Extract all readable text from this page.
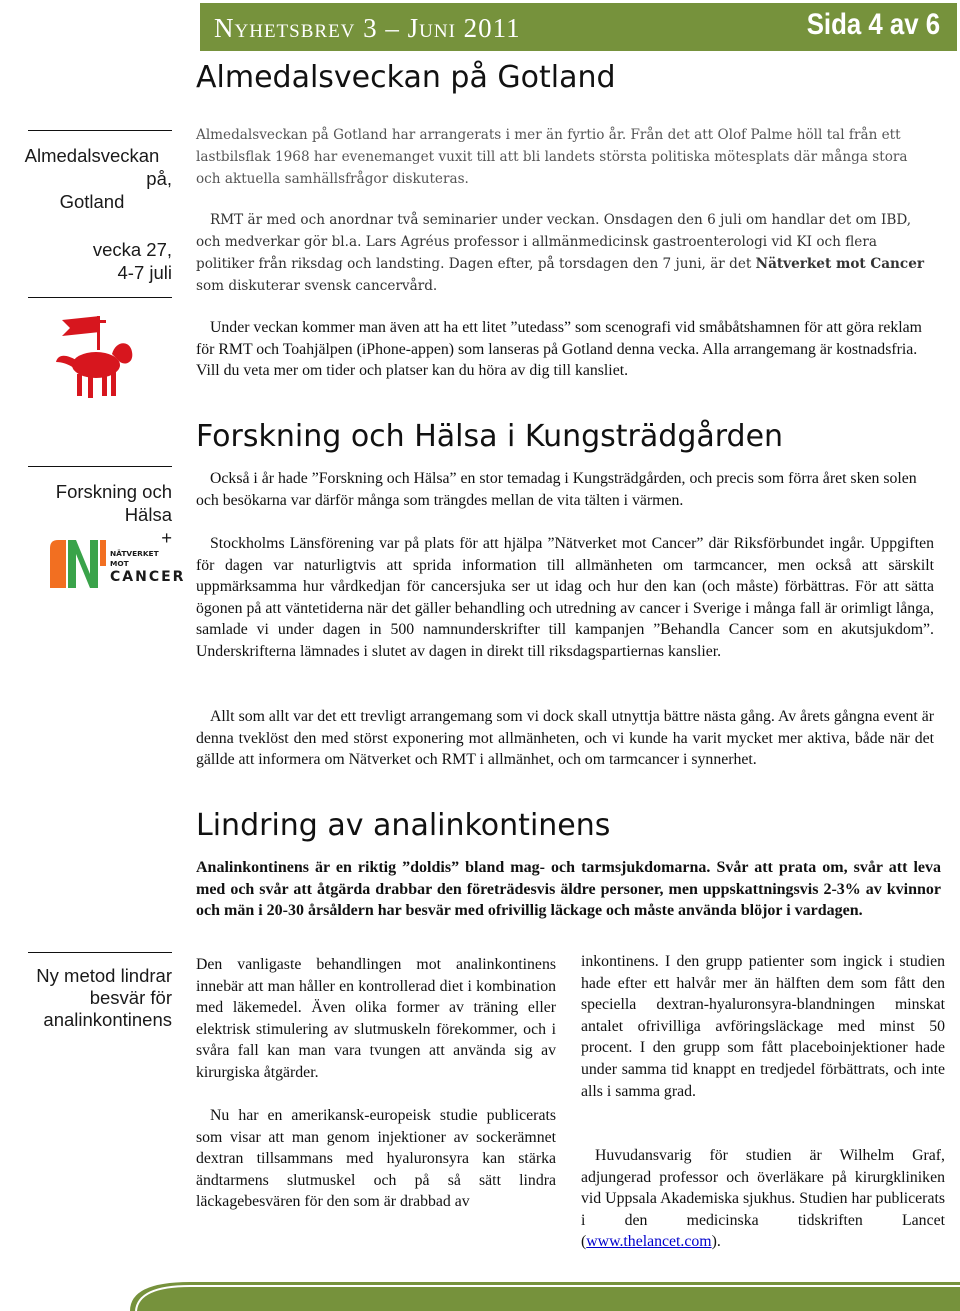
Nyhetsbrev 3 – Juni 2011	Sida 4 av 6
Almedalsveckan
på,
Gotland
vecka 27,
4-7 juli
Forskning och
Hälsa
+
NÄTVERKET MOT
CANCER
Ny metod lindrar
besvär för
analinkontinens
Almedalsveckan på Gotland

Almedalsveckan på Gotland har arrangerats i mer än fyrtio år. Från det att Olof Palme höll tal från ett lastbilsflak 1968 har evenemanget vuxit till att bli landets största politiska mötesplats där många stora och aktuella samhällsfrågor diskuteras.

RMT är med och anordnar två seminarier under veckan. Onsdagen den 6 juli om handlar det om IBD, och medverkar gör bl.a. Lars Agréus professor i allmänmedicinsk gastroenterologi vid KI och flera politiker från riksdag och landsting. Dagen efter, på torsdagen den 7 juni, är det Nätverket mot Cancer som diskuterar svensk cancervård.

Under veckan kommer man även att ha ett litet ”utedass” som scenografi vid småbåtshamnen för att göra reklam för RMT och Toahjälpen (iPhone-appen) som lanseras på Gotland denna vecka. Alla arrangemang är kostnadsfria. Vill du veta mer om tider och platser kan du höra av dig till kansliet.

Forskning och Hälsa i Kungsträdgården

Också i år hade ”Forskning och Hälsa” en stor temadag i Kungsträdgården, och precis som förra året sken solen och besökarna var därför många som trängdes mellan de vita tälten i värmen.

Stockholms Länsförening var på plats för att hjälpa ”Nätverket mot Cancer” där Riksförbundet ingår. Uppgiften för dagen var naturligtvis att sprida information till allmänheten om tarmcancer, men också att särskilt uppmärksamma hur vårdkedjan för cancersjuka ser ut idag och hur den kan (och måste) förbättras. För att sätta ögonen på att väntetiderna när det gäller behandling och utredning av cancer i Sverige i många fall är orimligt långa, samlade vi under dagen in 500 namnunderskrifter till kampanjen ”Behandla Cancer som en akutsjukdom”. Underskrifterna lämnades i slutet av dagen in direkt till riksdagspartiernas kanslier.

Allt som allt var det ett trevligt arrangemang som vi dock skall utnyttja bättre nästa gång. Av årets gångna event är denna tveklöst den med störst exponering mot allmänheten, och vi kunde ha varit mycket mer aktiva, både när det gällde att informera om Nätverket och RMT i allmänhet, och om tarmcancer i synnerhet.

Lindring av analinkontinens

Analinkontinens är en riktig ”doldis” bland mag- och tarmsjukdomarna. Svår att prata om, svår att leva med och svår att åtgärda drabbar den företrädesvis äldre personer, men uppskattningsvis 2-3% av kvinnor och män i 20-30 årsåldern har besvär med ofrivillig läckage och måste använda blöjor i vardagen.

Den vanligaste behandlingen mot analinkontinens innebär att man håller en kontrollerad diet i kombination med läkemedel. Även olika former av träning eller elektrisk stimulering av slutmuskeln förekommer, och i svåra fall kan man vara tvungen att använda sig av kirurgiska åtgärder.

Nu har en amerikansk-europeisk studie publicerats som visar att man genom injektioner av sockerämnet dextran tillsammans med hyaluronsyra kan stärka ändtarmens slutmuskel och på så sätt lindra läckagebesvären för den som är drabbad av

inkontinens. I den grupp patienter som ingick i studien hade efter ett halvår mer än hälften dem som fått den speciella dextran-hyaluronsyra-blandningen minskat antalet ofrivilliga avföringsläckage med minst 50 procent. I den grupp som fått placeboinjektioner hade under samma tid knappt en tredjedel förbättrats, och inte alls i samma grad.

Huvudansvarig för studien är Wilhelm Graf, adjungerad professor och överläkare på kirurgkliniken vid Uppsala Akademiska sjukhus. Studien har publicerats i den medicinska tidskriften Lancet (www.thelancet.com).
